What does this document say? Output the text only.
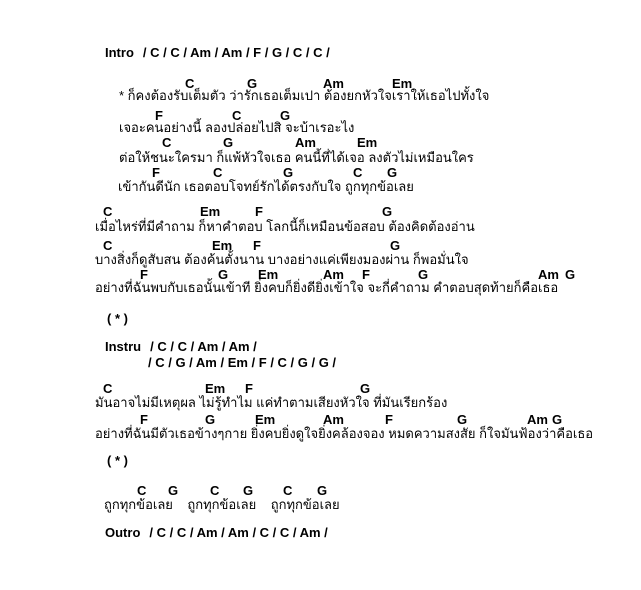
Intro / C / C / Am / Am / F / G / C / C /
C	G	Am	Em
* ก็คงต้องรับเต็มตัว ว่ารักเธอเต็มเปา ต้องยกหัวใจเราให้เธอไปทั้งใจ
F	C	G
เจอะคนอย่างนี้ ลองปล่อยไปสิ จะบ้าเรอะไง
C	G	Am	Em
ต่อให้ชนะใครมา ก็แพ้หัวใจเธอ คนนี้ที่ได้เจอ ลงตัวไม่เหมือนใคร
F	C	G	C G
เข้ากันดีนัก เธอตอบโจทย์รักได้ตรงกับใจ ถูกทุกข้อเลย
C	Em	F	G
เมื่อไหร่ที่มีคำถาม ก็หาคำตอบ โลกนี้ก็เหมือนข้อสอบ ต้องคิดต้องอ่าน
C	Em F	G
บางสิ่งก็ดูสับสน ต้องค้นตั้งนาน บางอย่างแค่เพียงมองผ่าน ก็พอมั่นใจ
F	G Em	Am F	G	Am G
อย่างที่ฉันพบกับเธอนั้นเข้าที ยิ่งคบก็ยิ่งดียิ่งเข้าใจ จะกี่คำถาม คำตอบสุดท้ายก็คือเธอ
( * )
Instru / C / C / Am / Am /
/ C / G / Am / Em / F / C / G / G /
C	Em F	G
มันอาจไม่มีเหตุผล ไม่รู้ทำไม แค่ทำตามเสียงหัวใจ ที่มันเรียกร้อง
F	G	Em	Am	F	G	Am G
อย่างที่ฉันมีตัวเธอข้างๆกาย ยิ่งคบยิ่งดูใจยิ่งคล้องจอง หมดความสงสัย ก็ใจมันฟ้องว่าคือเธอ
( * )
C G C G C G
ถูกทุกข้อเลย    ถูกทุกข้อเลย    ถูกทุกข้อเลย
Outro / C / C / Am / Am / C / C / Am /
